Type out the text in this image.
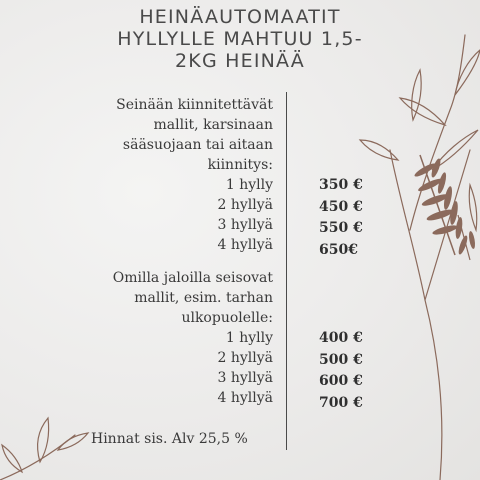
HEINÄAUTOMAATIT
HYLLYLLE MAHTUU 1,5-
2KG HEINÄÄ
Seinään kiinnitettävät
mallit, karsinaan
sääsuojaan tai aitaan
kiinnitys:
1 hylly
2 hyllyä
3 hyllyä
4 hyllyä
350 €
450 €
550 €
650€
Omilla jaloilla seisovat
mallit, esim. tarhan
ulkopuolelle:
1 hylly
2 hyllyä
3 hyllyä
4 hyllyä
400 €
500 €
600 €
700 €
Hinnat sis. Alv 25,5 %
